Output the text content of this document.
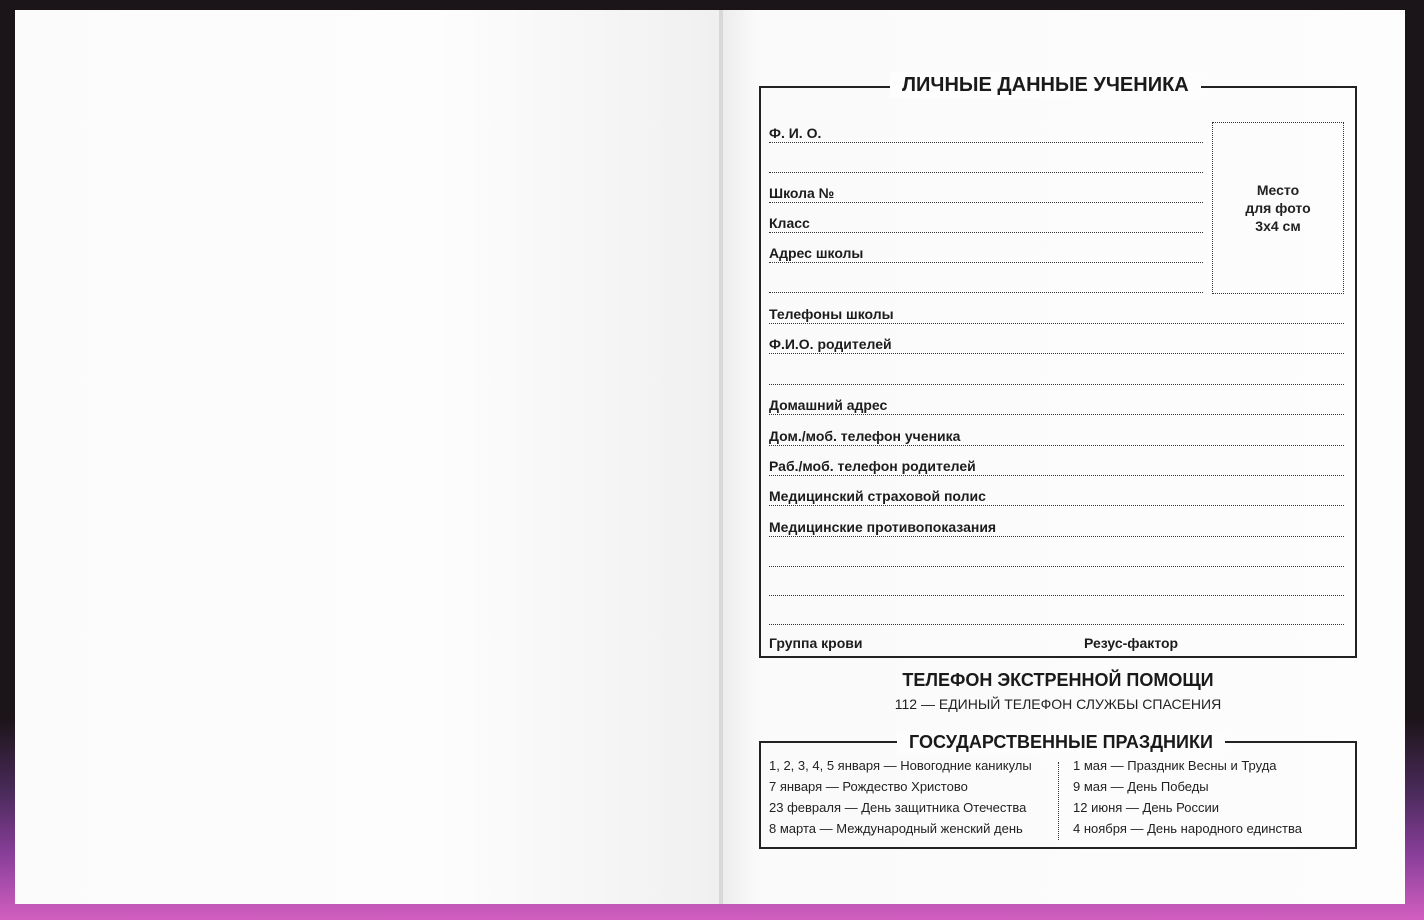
ЛИЧНЫЕ ДАННЫЕ УЧЕНИКА
Место
для фото
3x4 см
Ф. И. О.
Школа №
Класс
Адрес школы
Телефоны школы
Ф.И.О. родителей
Домашний адрес
Дом./моб. телефон ученика
Раб./моб. телефон родителей
Медицинский страховой полис
Медицинские противопоказания
Группа крови	Резус-фактор
ТЕЛЕФОН ЭКСТРЕННОЙ ПОМОЩИ
112 — ЕДИНЫЙ ТЕЛЕФОН СЛУЖБЫ СПАСЕНИЯ
ГОСУДАРСТВЕННЫЕ ПРАЗДНИКИ
1, 2, 3, 4, 5 января — Новогодние каникулы
7 января — Рождество Христово
23 февраля — День защитника Отечества
8 марта — Международный женский день
1 мая — Праздник Весны и Труда
9 мая — День Победы
12 июня — День России
4 ноября — День народного единства
